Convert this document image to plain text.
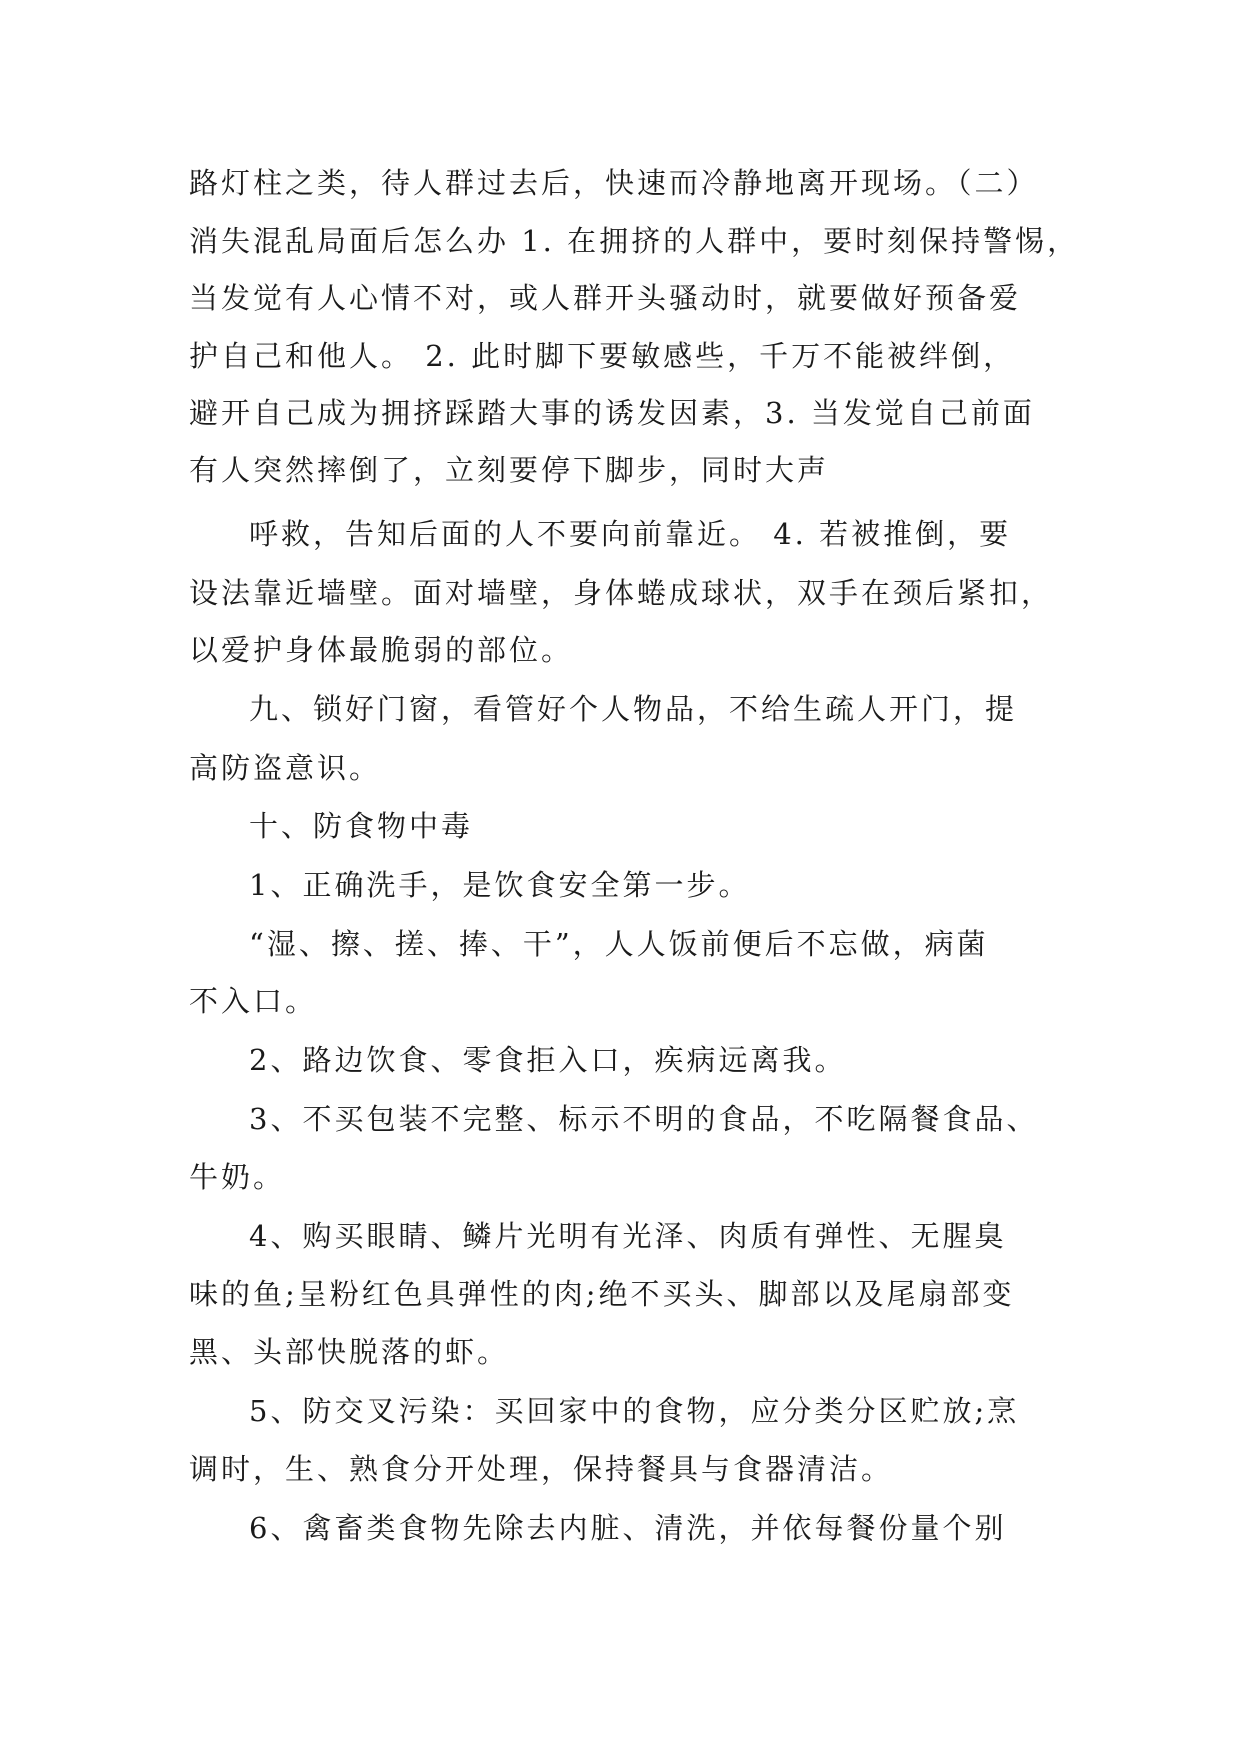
路灯柱之类，待人群过去后，快速而冷静地离开现场。（二）

消失混乱局面后怎么办 1. 在拥挤的人群中，要时刻保持警惕，

当发觉有人心情不对，或人群开头骚动时，就要做好预备爱

护自己和他人。 2. 此时脚下要敏感些，千万不能被绊倒，

避开自己成为拥挤踩踏大事的诱发因素，3. 当发觉自己前面

有人突然摔倒了，立刻要停下脚步，同时大声

呼救，告知后面的人不要向前靠近。 4. 若被推倒，要

设法靠近墙壁。面对墙壁，身体蜷成球状，双手在颈后紧扣，

以爱护身体最脆弱的部位。

九、锁好门窗，看管好个人物品，不给生疏人开门，提

高防盗意识。

十、防食物中毒

1、正确洗手，是饮食安全第一步。

“湿、擦、搓、捧、干”，人人饭前便后不忘做，病菌

不入口。

2、路边饮食、零食拒入口，疾病远离我。

3、不买包装不完整、标示不明的食品，不吃隔餐食品、

牛奶。

4、购买眼睛、鳞片光明有光泽、肉质有弹性、无腥臭

味的鱼;呈粉红色具弹性的肉;绝不买头、脚部以及尾扇部变

黑、头部快脱落的虾。

5、防交叉污染：买回家中的食物，应分类分区贮放;烹

调时，生、熟食分开处理，保持餐具与食器清洁。

6、禽畜类食物先除去内脏、清洗，并依每餐份量个别
